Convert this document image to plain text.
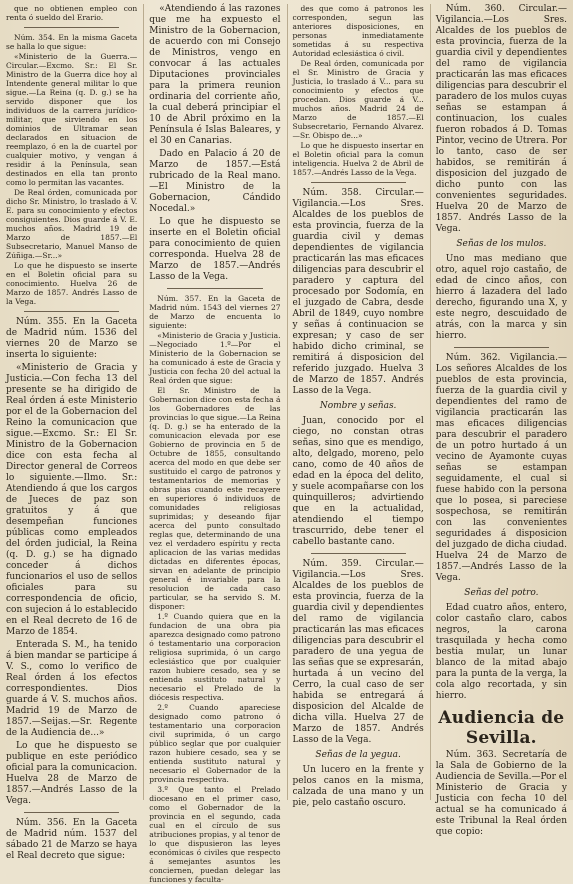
que no obtienen empleo con renta ó sueldo del Erario.

Núm. 354. En la misma Gaceta se halla lo que sigue:

«Ministerio de la Guerra.—Circular.—Excmo. Sr.: El Sr. Ministro de la Guerra dice hoy al Intendente general militar lo que sigue.—La Reina (q. D. g.) se ha servido disponer que los individuos de la carrera jurídico-militar, que sirviendo en los dominios de Ultramar sean declarados en situacion de reemplazo, ó en la de cuartel por cualquier motivo, y vengan á residir á la Península, sean destinados en ella tan pronto como lo permitan las vacantes.

De Real órden, comunicada por dicho Sr. Ministro, lo traslado á V. E. para su conocimiento y efectos consiguientes. Dios guarde á V. E. muchos años. Madrid 19 de Marzo de 1857.—El Subsecretario, Manuel Manso de Zúñiga.—Sr...»

Lo que he dispuesto se inserte en el Boletin oficial para su conocimiento. Huelva 26 de Marzo de 1857. Andrés Lasso de la Vega.

Núm. 355. En la Gaceta de Madrid núm. 1536 del viernes 20 de Marzo se inserta lo siguiente:

«Ministerio de Gracia y Justicia.—Con fecha 13 del presente se ha dirigido de Real órden á este Ministerio por el de la Gobernacion del Reino la comunicacion que sigue.—Excmo. Sr.: El Sr. Ministro de la Gobernacion dice con esta fecha al Director general de Correos lo siguiente.—Ilmo. Sr.: Atendiendo á que los cargos de Jueces de paz son gratuitos y á que desempeñan funciones públicas como empleados del órden judicial, la Reina (q. D. g.) se ha dignado conceder á dichos funcionarios el uso de sellos oficiales para su correspondencia de oficio, con sujecion á lo establecido en el Real decreto de 16 de Marzo de 1854.

Enterada S. M., ha tenido á bien mandar se participe á V. S., como lo verifico de Real órden á los efectos correspondientes. Dios guarde á V. S. muchos años. Madrid 19 de Marzo de 1857.—Seijas.—Sr. Regente de la Audiencia de...»

Lo que he dispuesto se publique en este periódico oficial para la comunicacion. Huelva 28 de Marzo de 1857.—Andrés Lasso de la Vega.

Núm. 356. En la Gaceta de Madrid núm. 1537 del sábado 21 de Marzo se haya el Real decreto que sigue:

«Atendiendo á las razones que me ha expuesto el Ministro de la Gobernacion, de acuerdo con mi Consejo de Ministros, vengo en convocar á las actuales Diputaciones provinciales para la primera reunion ordinaria del corriente año, la cual deberá principiar el 10 de Abril próximo en la Península é Islas Baleares, y el 30 en Canarias.

Dado en Palacio á 20 de Marzo de 1857.—Está rubricado de la Real mano.—El Ministro de la Gobernacion, Cándido Nocedal.»

Lo que he dispuesto se inserte en el Boletin oficial para conocimiento de quien corresponda. Huelva 28 de Marzo de 1857.—Andrés Lasso de la Vega.

Núm. 357. En la Gaceta de Madrid núm. 1543 del viernes 27 de Marzo de encuenta lo siguiente:

«Ministerio de Gracia y Justicia.—Negociado 1.º—Por el Ministerio de la Gobernacion se ha comunicado á este de Gracia y Justicia con fecha 20 del actual la Real órden que sigue:

El Sr. Ministro de la Gobernacion dice con esta fecha á los Gobernadores de las provincias lo que sigue.—La Reina (q. D. g.) se ha enterado de la comunicacion elevada por ese Gobierno de provincia en 5 de Octubre de 1855, consultando acerca del modo en que debe ser sustituido el cargo de patronos y testamentarios de memorias y obras pias cuando este recayere en superiores ó individuos de comunidades religiosas suprimidas; y deseando fijar acerca del punto consultado reglas que, determinando de una vez el verdadero espíritu y recta aplicacion de las varias medidas dictadas en diferentes épocas, sirvan en adelante de principio general é invariable para la resolucion de cada caso particular, se ha servido S. M. disponer:

1.º Cuando quiera que en la fundacion de una obra pia aparezca designado como patrono ó testamentario una corporacion religiosa suprimida, ó un cargo eclesiástico que por cualquier razon hubiere cesado, sea y se entienda sustituto natural y necesario el Prelado de la diócesis respectiva.

2.º Cuando apareciese designado como patrono ó testamentario una corporacion civil suprimida, ó un cargo público seglar que por cualquier razon hubiere cesado, sea y se entienda sustituto natural y necesario el Gobernador de la provincia respectiva.

3.º Que tanto el Prelado diocesano en el primer caso, como el Gobernador de la provincia en el segundo, cada cual en el círculo de sus atribuciones propias, y al tenor de lo que dispusieron las leyes económicas ó civiles que respecto á semejantes asuntos les conciernen, puedan delegar las funciones y faculta-

des que como á patronos les corresponden, segun las anteriores disposiciones, en personas inmediatamente sometidas á su respectiva Autoridad eclesiástica ó civil.

De Real órden, comunicada por el Sr. Ministro de Gracia y Justicia, lo traslado á V... para su conocimiento y efectos que procedan. Dios guarde á V... muchos años. Madrid 24 de Marzo de 1857.—El Subsecretario, Fernando Alvarez.—Sr. Obispo de...»

Lo que he dispuesto insertar en el Boletin oficial para la comun inteligencia. Huelva 2 de Abril de 1857.—Andrés Lasso de la Vega.

Núm. 358. Circular.—Vigilancia.—Los Sres. Alcaldes de los pueblos de esta provincia, fuerza de la guardia civil y demas dependientes de vigilancia practicarán las mas eficaces diligencias para descubrir el paradero y captura del procesado por Sodomía, en el juzgado de Cabra, desde Abril de 1849, cuyo nombre y señas á continuacion se expresan; y caso de ser habido dicho criminal, se remitirá á disposicion del referido juzgado. Huelva 3 de Marzo de 1857. Andrés Lasso de la Vega.

Nombre y señas.

Juan, conocido por el ciego, no constan otras señas, sino que es mendigo, alto, delgado, moreno, pelo cano, como de 40 años de edad en la época del delito, y suele acompañarse con los quinquilleros; advirtiendo que en la actualidad, atendiendo el tiempo trascurrido, debe tener el cabello bastante cano.

Núm. 359. Circular.—Vigilancia.—Los Sres. Alcaldes de los pueblos de esta provincia, fuerza de la guardia civil y dependientes del ramo de vigilancia practicarán las mas eficaces diligencias para descubrir el paradero de una yegua de las señas que se expresarán, hurtada á un vecino del Cerro, la cual caso de ser habida se entregará á disposicion del Alcalde de dicha villa. Huelva 27 de Marzo de 1857. Andrés Lasso de la Vega.

Señas de la yegua.

Un lucero en la frente y pelos canos en la misma, calzada de una mano y un pie, pelo castaño oscuro.

Núm. 360. Circular.—Vigilancia.—Los Sres. Alcaldes de los pueblos de esta provincia, fuerza de la guardia civil y dependientes del ramo de vigilancia practicarán las mas eficaces diligencias para descubrir el paradero de los mulos cuyas señas se estampan á continuacion, los cuales fueron robados á D. Tomas Pintor, vecino de Utrera. Por lo tanto, caso de ser habidos, se remitirán á disposicion del juzgado de dicho punto con las convenientes seguridades. Huelva 20 de Marzo de 1857. Andrés Lasso de la Vega.

Señas de los mulos.

Uno mas mediano que otro, aquel rojo castaño, de edad de cinco años, con hierro á lazadera del lado derecho, figurando una X, y este negro, descuidado de atrás, con la marca y sin hierro.

Núm. 362. Vigilancia.—Los señores Alcaldes de los pueblos de esta provincia, fuerza de la guardia civil y dependientes del ramo de vigilancia practicarán las mas eficaces diligencias para descubrir el paradero de un potro hurtado á un vecino de Ayamonte cuyas señas se estampan seguidamente, el cual si fuese habido con la persona que lo posea, si pareciese sospechosa, se remitirán con las convenientes seguridades á disposicion del juzgado de dicha ciudad. Huelva 24 de Marzo de 1857.—Andrés Lasso de la Vega.

Señas del potro.

Edad cuatro años, entero, color castaño claro, cabos negros, la carona trasquilada y hecha como bestia mular, un lunar blanco de la mitad abajo para la punta de la verga, la cola algo recortada, y sin hierro.

Audiencia de Sevilla.

Núm. 363. Secretaría de la Sala de Gobierno de la Audiencia de Sevilla.—Por el Ministerio de Gracia y Justicia con fecha 10 del actual se ha comunicado á este Tribunal la Real órden que copio:
